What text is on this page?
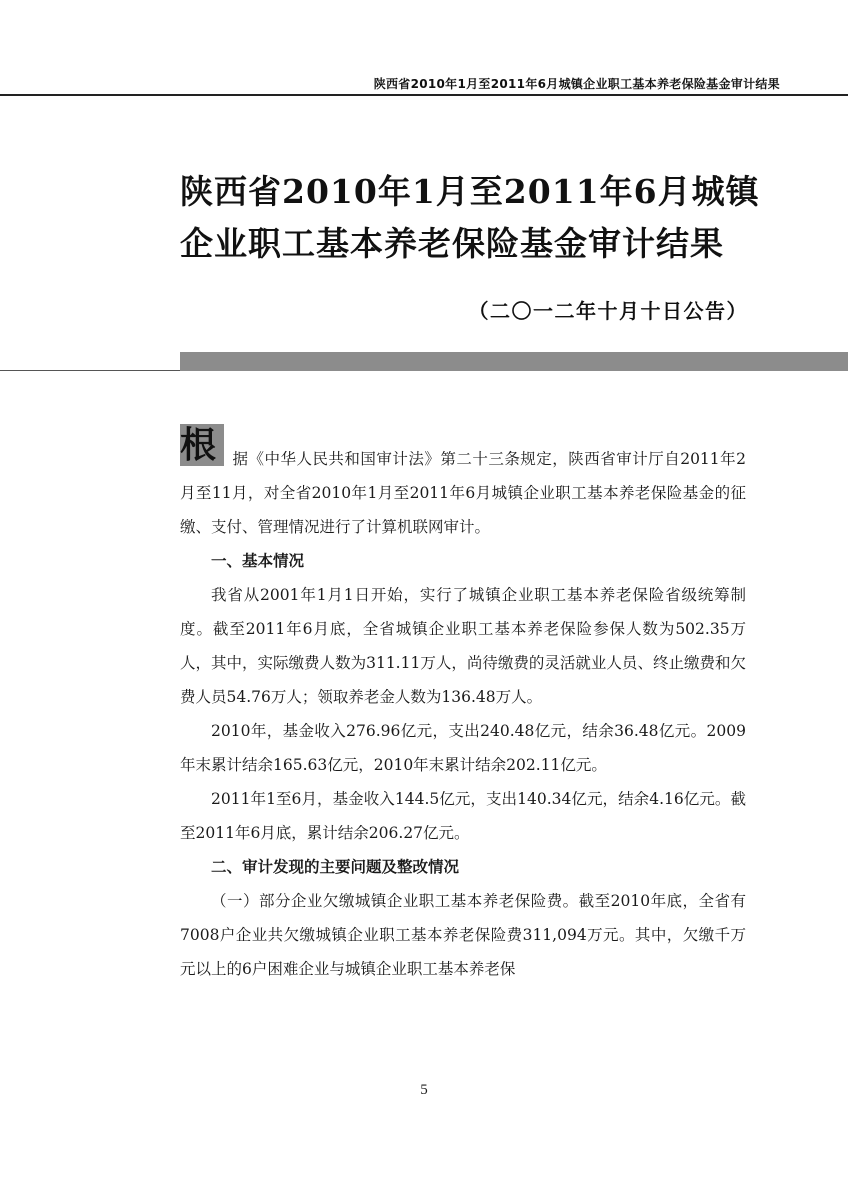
陕西省2010年1月至2011年6月城镇企业职工基本养老保险基金审计结果
陕西省2010年1月至2011年6月城镇
企业职工基本养老保险基金审计结果
（二〇一二年十月十日公告）

根	据《中华人民共和国审计法》第二十三条规定，陕西省审计厅自2011年2月至11月，对全省2010年1月至2011年6月城镇企业职工基本养老保险基金的征缴、支付、管理情况进行了计算机联网审计。

一、基本情况

我省从2001年1月1日开始，实行了城镇企业职工基本养老保险省级统筹制度。截至2011年6月底，全省城镇企业职工基本养老保险参保人数为502.35万人，其中，实际缴费人数为311.11万人，尚待缴费的灵活就业人员、终止缴费和欠费人员54.76万人；领取养老金人数为136.48万人。

2010年，基金收入276.96亿元，支出240.48亿元，结余36.48亿元。2009年末累计结余165.63亿元，2010年末累计结余202.11亿元。

2011年1至6月，基金收入144.5亿元，支出140.34亿元，结余4.16亿元。截至2011年6月底，累计结余206.27亿元。

二、审计发现的主要问题及整改情况

（一）部分企业欠缴城镇企业职工基本养老保险费。截至2010年底，全省有7008户企业共欠缴城镇企业职工基本养老保险费311,094万元。其中，欠缴千万元以上的6户困难企业与城镇企业职工基本养老保

5
